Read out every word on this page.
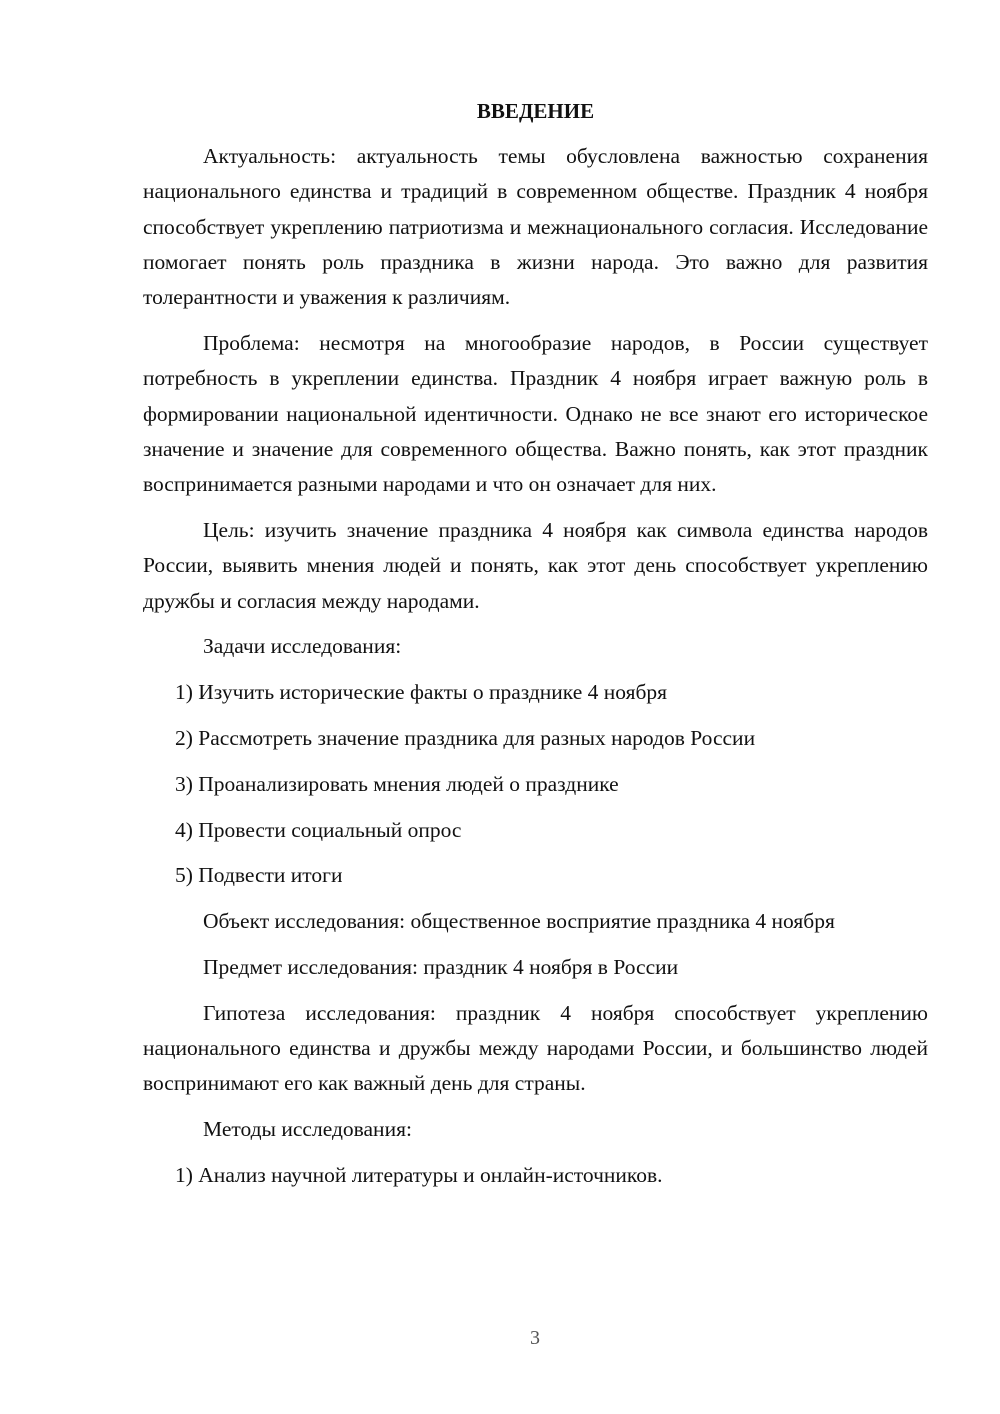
ВВЕДЕНИЕ
Актуальность: актуальность темы обусловлена важностью сохранения национального единства и традиций в современном обществе. Праздник 4 ноября способствует укреплению патриотизма и межнационального согласия. Исследование помогает понять роль праздника в жизни народа. Это важно для развития толерантности и уважения к различиям.
Проблема: несмотря на многообразие народов, в России существует потребность в укреплении единства. Праздник 4 ноября играет важную роль в формировании национальной идентичности. Однако не все знают его историческое значение и значение для современного общества. Важно понять, как этот праздник воспринимается разными народами и что он означает для них.
Цель: изучить значение праздника 4 ноября как символа единства народов России, выявить мнения людей и понять, как этот день способствует укреплению дружбы и согласия между народами.
Задачи исследования:
1) Изучить исторические факты о празднике 4 ноября
2) Рассмотреть значение праздника для разных народов России
3) Проанализировать мнения людей о празднике
4) Провести социальный опрос
5) Подвести итоги
Объект исследования: общественное восприятие праздника 4 ноября
Предмет исследования: праздник 4 ноября в России
Гипотеза исследования: праздник 4 ноября способствует укреплению национального единства и дружбы между народами России, и большинство людей воспринимают его как важный день для страны.
Методы исследования:
1) Анализ научной литературы и онлайн-источников.
3
